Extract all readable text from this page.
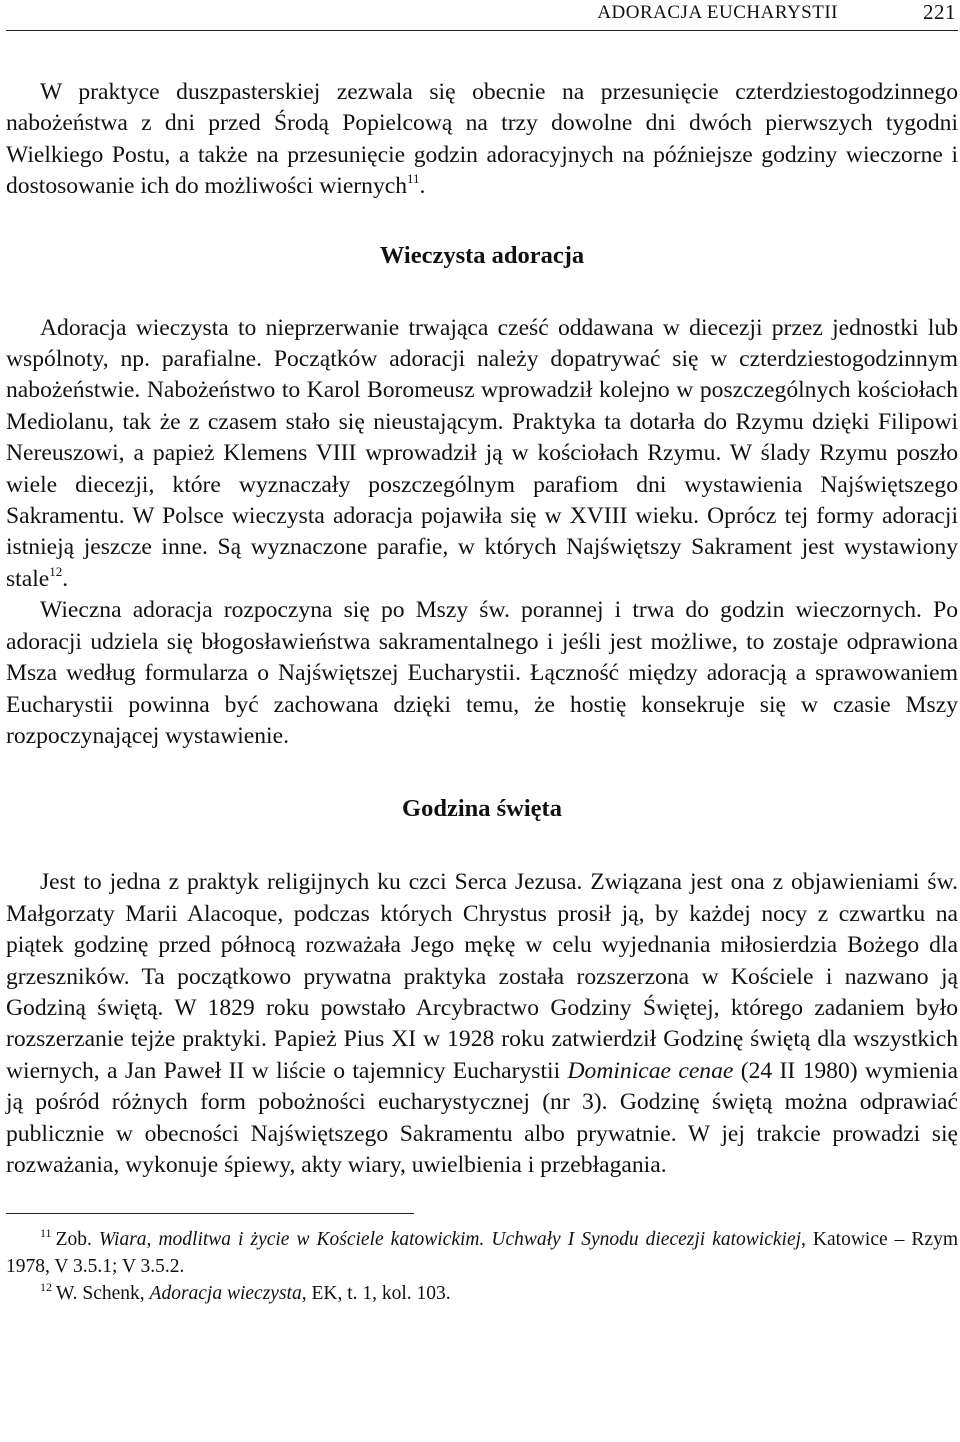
ADORACJA EUCHARYSTII	221

W praktyce duszpasterskiej zezwala się obecnie na przesunięcie czterdziestogodzinnego nabożeństwa z dni przed Środą Popielcową na trzy dowolne dni dwóch pierwszych tygodni Wielkiego Postu, a także na przesunięcie godzin adoracyjnych na późniejsze godziny wieczorne i dostosowanie ich do możliwości wiernych$^{11}$.

Wieczysta adoracja

Adoracja wieczysta to nieprzerwanie trwająca cześć oddawana w diecezji przez jednostki lub wspólnoty, np. parafialne. Początków adoracji należy dopatrywać się w czterdziestogodzinnym nabożeństwie. Nabożeństwo to Karol Boromeusz wprowadził kolejno w poszczególnych kościołach Mediolanu, tak że z czasem stało się nieustającym. Praktyka ta dotarła do Rzymu dzięki Filipowi Nereuszowi, a papież Klemens VIII wprowadził ją w kościołach Rzymu. W ślady Rzymu poszło wiele diecezji, które wyznaczały poszczególnym parafiom dni wystawienia Najświętszego Sakramentu. W Polsce wieczysta adoracja pojawiła się w XVIII wieku. Oprócz tej formy adoracji istnieją jeszcze inne. Są wyznaczone parafie, w których Najświętszy Sakrament jest wystawiony stale$^{12}$.

Wieczna adoracja rozpoczyna się po Mszy św. porannej i trwa do godzin wieczornych. Po adoracji udziela się błogosławieństwa sakramentalnego i jeśli jest możliwe, to zostaje odprawiona Msza według formularza o Najświętszej Eucharystii. Łączność między adoracją a sprawowaniem Eucharystii powinna być zachowana dzięki temu, że hostię konsekruje się w czasie Mszy rozpoczynającej wystawienie.

Godzina święta

Jest to jedna z praktyk religijnych ku czci Serca Jezusa. Związana jest ona z objawieniami św. Małgorzaty Marii Alacoque, podczas których Chrystus prosił ją, by każdej nocy z czwartku na piątek godzinę przed północą rozważała Jego mękę w celu wyjednania miłosierdzia Bożego dla grzeszników. Ta początkowo prywatna praktyka została rozszerzona w Kościele i nazwano ją Godziną świętą. W 1829 roku powstało Arcybractwo Godziny Świętej, którego zadaniem było rozszerzanie tejże praktyki. Papież Pius XI w 1928 roku zatwierdził Godzinę świętą dla wszystkich wiernych, a Jan Paweł II w liście o tajemnicy Eucharystii Dominicae cenae (24 II 1980) wymienia ją pośród różnych form pobożności eucharystycznej (nr 3). Godzinę świętą można odprawiać publicznie w obecności Najświętszego Sakramentu albo prywatnie. W jej trakcie prowadzi się rozważania, wykonuje śpiewy, akty wiary, uwielbienia i przebłagania.

$^{11}$ Zob. Wiara, modlitwa i życie w Kościele katowickim. Uchwały I Synodu diecezji katowickiej, Katowice – Rzym 1978, V 3.5.1; V 3.5.2.
$^{12}$ W. Schenk, Adoracja wieczysta, EK, t. 1, kol. 103.
